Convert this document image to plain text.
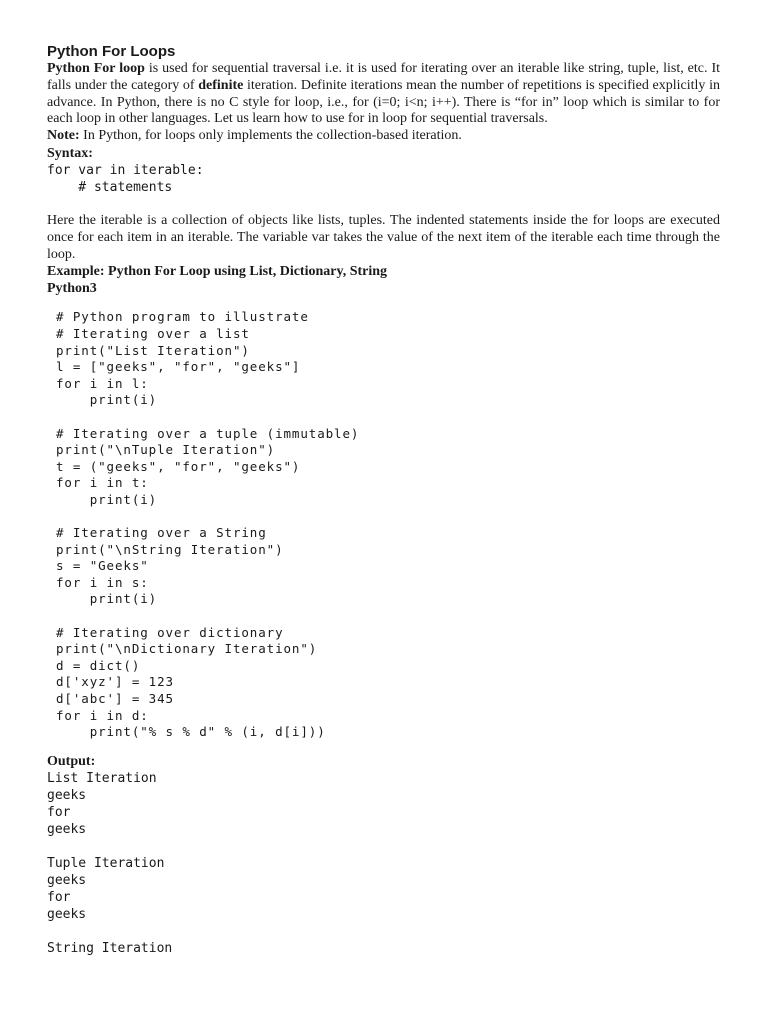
Python For Loops

Python For loop is used for sequential traversal i.e. it is used for iterating over an iterable like string, tuple, list, etc. It falls under the category of definite iteration. Definite iterations mean the number of repetitions is specified explicitly in advance. In Python, there is no C style for loop, i.e., for (i=0; i<n; i++). There is “for in” loop which is similar to for each loop in other languages. Let us learn how to use for in loop for sequential traversals.

Note: In Python, for loops only implements the collection-based iteration.

Syntax:

for var in iterable:
# statements

Here the iterable is a collection of objects like lists, tuples. The indented statements inside the for loops are executed once for each item in an iterable. The variable var takes the value of the next item of the iterable each time through the loop.

Example: Python For Loop using List, Dictionary, String

Python3

# Python program to illustrate
# Iterating over a list
print("List Iteration")
l = ["geeks", "for", "geeks"]
for i in l:
print(i)
# Iterating over a tuple (immutable)
print("\nTuple Iteration")
t = ("geeks", "for", "geeks")
for i in t:
print(i)
# Iterating over a String
print("\nString Iteration")
s = "Geeks"
for i in s:
print(i)
# Iterating over dictionary
print("\nDictionary Iteration")
d = dict()
d['xyz'] = 123
d['abc'] = 345
for i in d:
print("% s % d" % (i, d[i]))

Output:

List Iteration
geeks
for
geeks
Tuple Iteration
geeks
for
geeks
String Iteration
